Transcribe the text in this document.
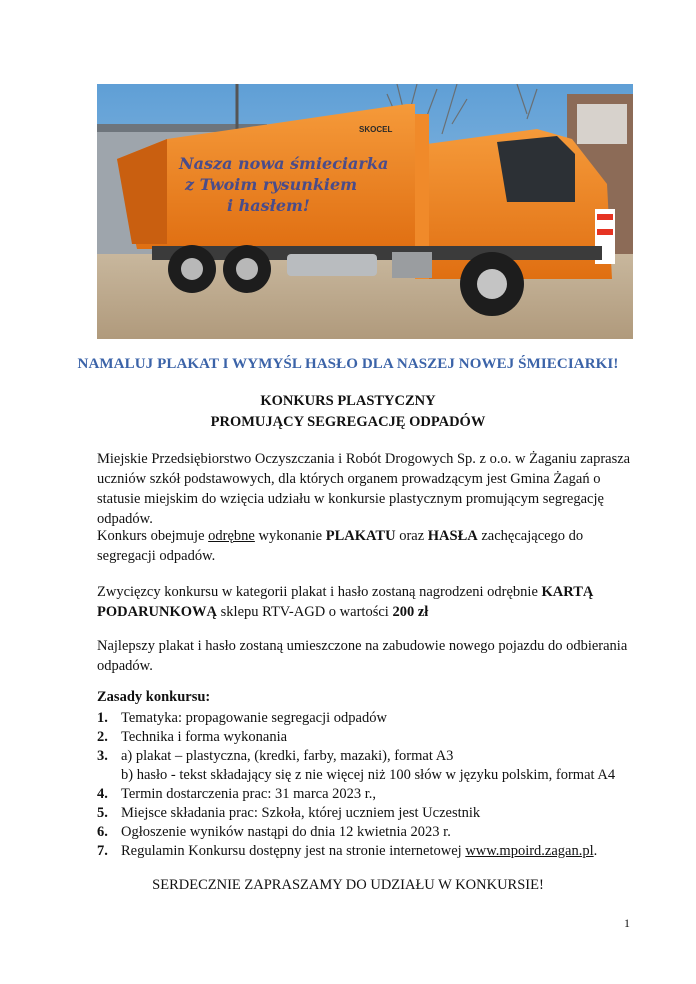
Nasza nowa śmieciarka
z Twoim rysunkiem
i hasłem!
SKOCEL
NAMALUJ PLAKAT I WYMYŚL HASŁO DLA NASZEJ NOWEJ ŚMIECIARKI!
KONKURS PLASTYCZNY
PROMUJĄCY SEGREGACJĘ ODPADÓW
Miejskie Przedsiębiorstwo Oczyszczania i Robót Drogowych Sp. z o.o. w Żaganiu zaprasza uczniów szkół podstawowych, dla których organem prowadzącym jest Gmina Żagań o statusie miejskim do wzięcia udziału w konkursie plastycznym promującym segregację odpadów.
Konkurs obejmuje odrębne wykonanie PLAKATU oraz HASŁA zachęcającego do segregacji odpadów.
Zwycięzcy konkursu w kategorii plakat i hasło zostaną nagrodzeni odrębnie KARTĄ PODARUNKOWĄ sklepu RTV-AGD o wartości 200 zł
Najlepszy plakat i hasło zostaną umieszczone na zabudowie nowego pojazdu do odbierania odpadów.
Zasady konkursu:
1. Tematyka: propagowanie segregacji odpadów
2. Technika i forma wykonania
3. a) plakat – plastyczna, (kredki, farby, mazaki), format A3
b) hasło - tekst składający się z nie więcej niż 100 słów w języku polskim, format A4
4. Termin dostarczenia prac: 31 marca 2023 r.,
5. Miejsce składania prac: Szkoła, której uczniem jest Uczestnik
6. Ogłoszenie wyników nastąpi do dnia 12 kwietnia 2023 r.
7. Regulamin Konkursu dostępny jest na stronie internetowej www.mpoird.zagan.pl.
SERDECZNIE ZAPRASZAMY DO UDZIAŁU W KONKURSIE!
1
